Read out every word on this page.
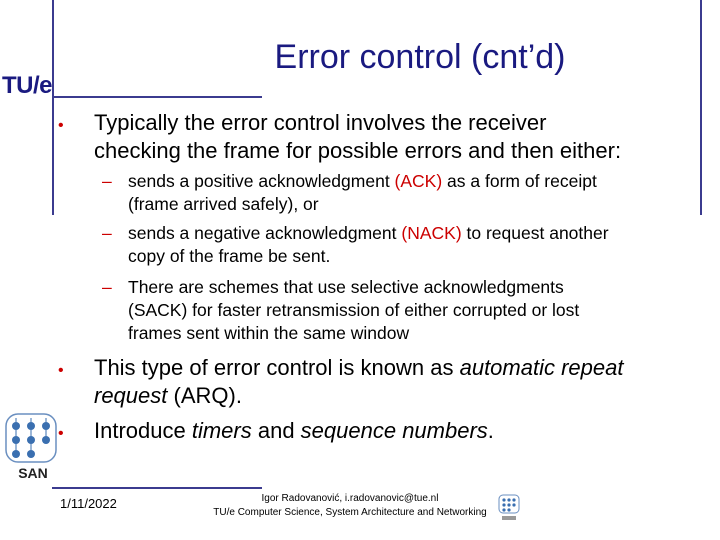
TU/e
Error control (cnt’d)
• Typically the error control involves the receiver
checking the frame for possible errors and then either:
– sends a positive acknowledgment (ACK) as a form of receipt
(frame arrived safely), or
– sends a negative acknowledgment (NACK) to request another
copy of the frame be sent.
– There are schemes that use selective acknowledgments
(SACK) for faster retransmission of either corrupted or lost
frames sent within the same window
• This type of error control is known as automatic repeat
request (ARQ).
• Introduce timers and sequence numbers.
SAN
1/11/2022	Igor Radovanović, i.radovanovic@tue.nl
TU/e Computer Science, System Architecture and Networking
